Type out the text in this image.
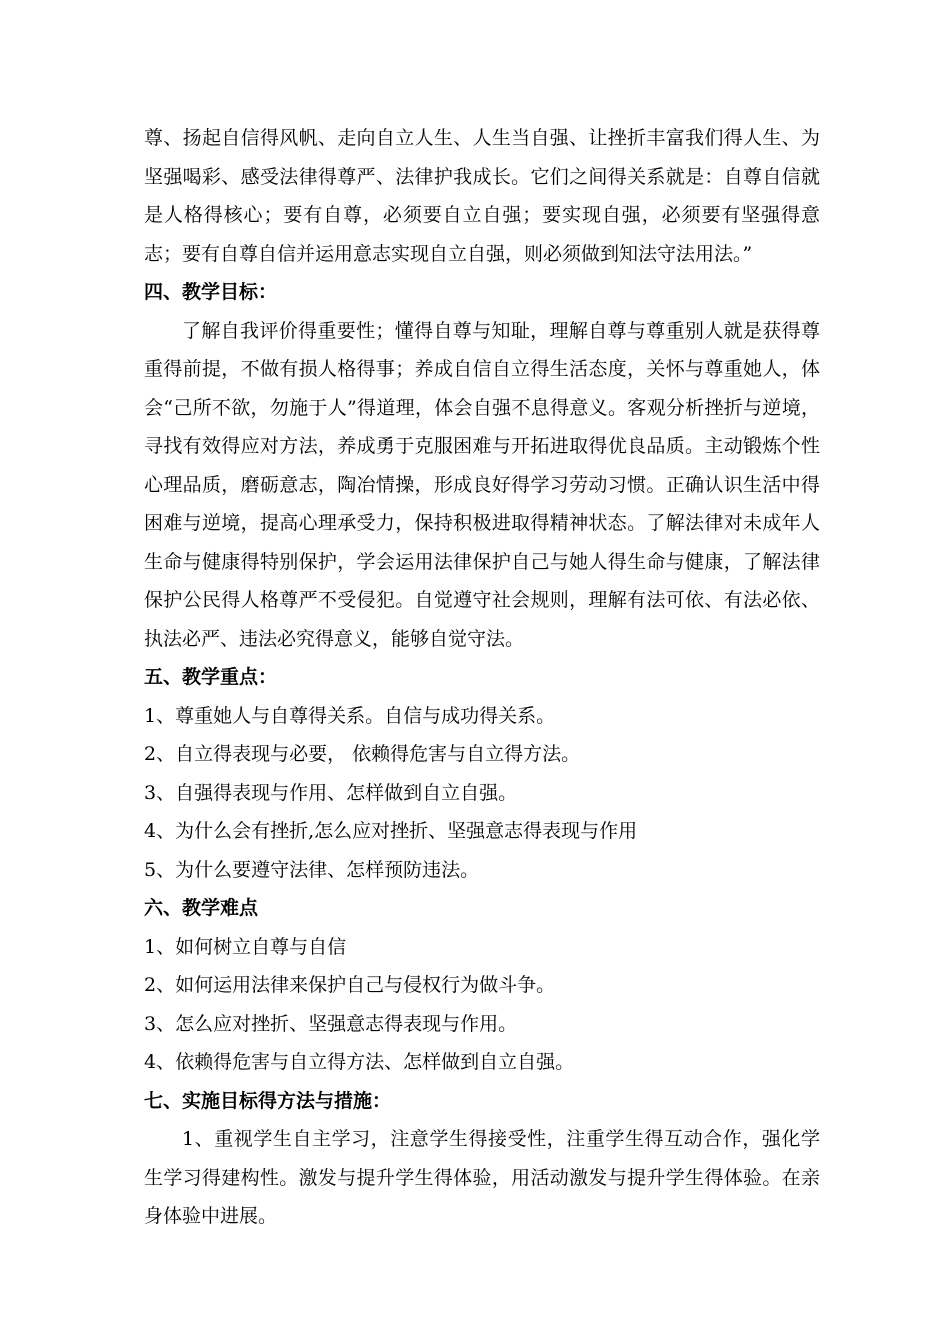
尊、扬起自信得风帆、走向自立人生、人生当自强、让挫折丰富我们得人生、为坚强喝彩、感受法律得尊严、法律护我成长。它们之间得关系就是：自尊自信就是人格得核心；要有自尊，必须要自立自强；要实现自强，必须要有坚强得意志；要有自尊自信并运用意志实现自立自强，则必须做到知法守法用法。”

四、教学目标：

了解自我评价得重要性；懂得自尊与知耻，理解自尊与尊重别人就是获得尊重得前提，不做有损人格得事；养成自信自立得生活态度，关怀与尊重她人，体会“己所不欲，勿施于人”得道理，体会自强不息得意义。客观分析挫折与逆境，寻找有效得应对方法，养成勇于克服困难与开拓进取得优良品质。主动锻炼个性心理品质，磨砺意志，陶冶情操，形成良好得学习劳动习惯。正确认识生活中得困难与逆境，提高心理承受力，保持积极进取得精神状态。了解法律对未成年人生命与健康得特别保护，学会运用法律保护自己与她人得生命与健康，了解法律保护公民得人格尊严不受侵犯。自觉遵守社会规则，理解有法可依、有法必依、执法必严、违法必究得意义，能够自觉守法。

五、教学重点：

1、尊重她人与自尊得关系。自信与成功得关系。

2、自立得表现与必要， 依赖得危害与自立得方法。

3、自强得表现与作用、怎样做到自立自强。

4、为什么会有挫折,怎么应对挫折、坚强意志得表现与作用

5、为什么要遵守法律、怎样预防违法。

六、教学难点

1、如何树立自尊与自信

2、如何运用法律来保护自己与侵权行为做斗争。

3、怎么应对挫折、坚强意志得表现与作用。

4、依赖得危害与自立得方法、怎样做到自立自强。

七、实施目标得方法与措施：

1、重视学生自主学习，注意学生得接受性，注重学生得互动合作，强化学生学习得建构性。激发与提升学生得体验，用活动激发与提升学生得体验。在亲身体验中进展。
